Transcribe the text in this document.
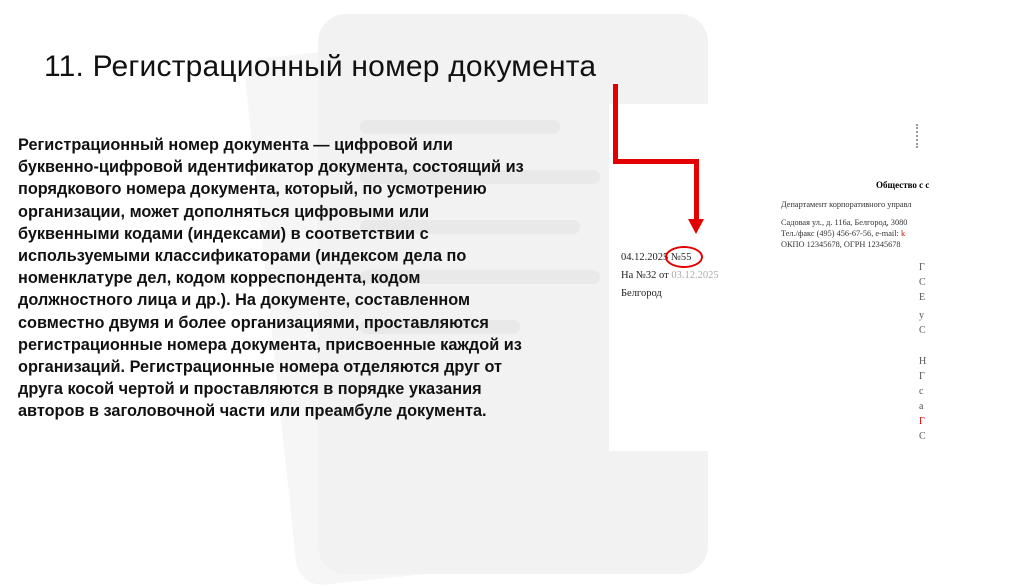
11. Регистрационный номер документа

Регистрационный номер документа — цифровой или буквенно-цифровой идентификатор документа, состоящий из порядкового номера документа, который, по усмотрению организации, может дополняться цифровыми или буквенными кодами (индексами) в соответствии с используемыми классификаторами (индексом дела по номенклатуре дел, кодом корреспондента, кодом должностного лица и др.). На документе, составленном совместно двумя и более организациями, проставляются регистрационные номера документа, присвоенные каждой из организаций. Регистрационные номера отделяются друг от друга косой чертой и проставляются в порядке указания авторов в заголовочной части или преамбуле документа.

Общество с с
Департамент корпоративного управл
Садовая ул., д. 116а, Белгород, 3080
Тел./факс (495) 456-67-56, e-mail: k
ОКПО 12345678, ОГРН 12345678
04.12.2025 №55
На №32 от 03.12.2025
Белгород
Г
С
Е
у
С
Н
Г
с
а
Г
С
